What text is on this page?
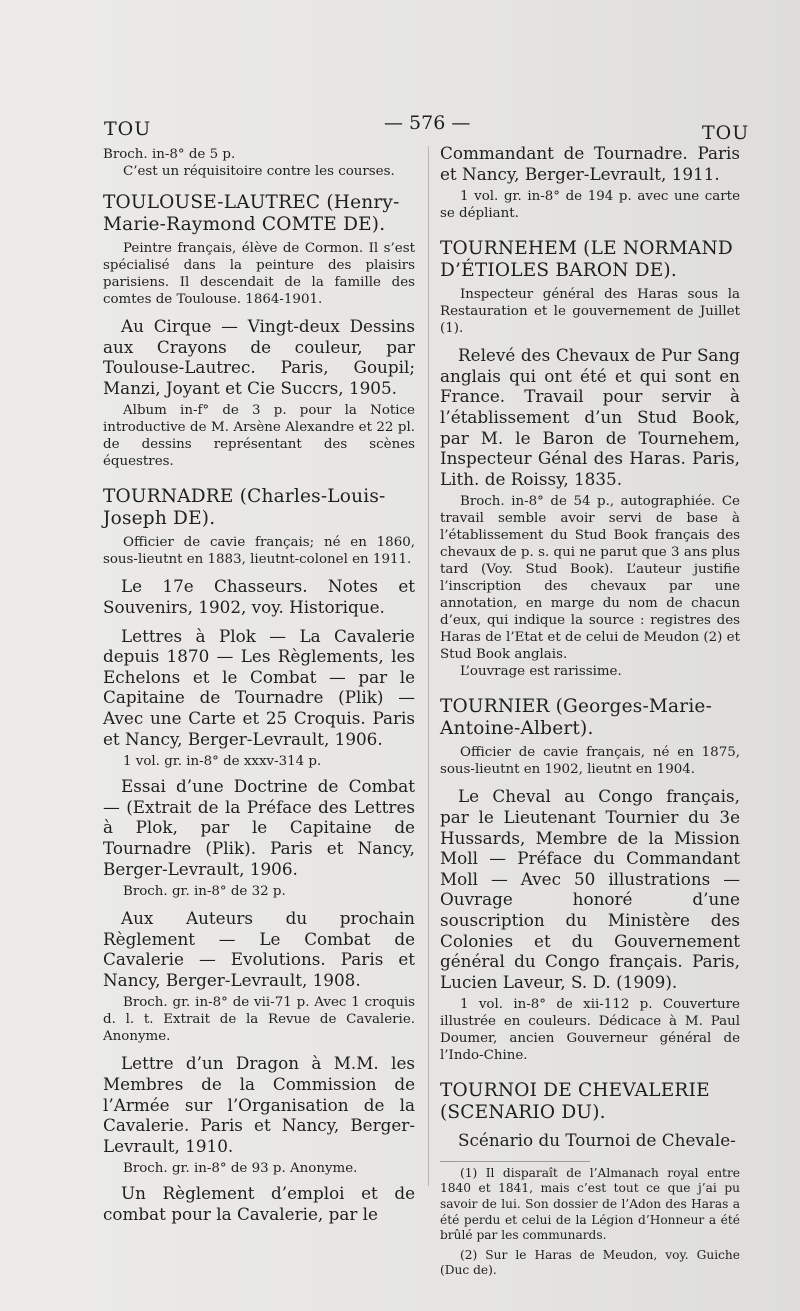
TOU	— 576 —	TOU

Broch. in-8° de 5 p.

C’est un réquisitoire contre les courses.

TOULOUSE-LAUTREC (Henry-Marie-Raymond COMTE DE).

Peintre français, élève de Cormon. Il s’est spécialisé dans la peinture des plaisirs parisiens. Il descendait de la famille des comtes de Toulouse. 1864-1901.

Au Cirque — Vingt-deux Dessins aux Crayons de couleur, par Toulouse-Lautrec. Paris, Goupil; Manzi, Joyant et Cie Succrs, 1905.

Album in-f° de 3 p. pour la Notice introductive de M. Arsène Alexandre et 22 pl. de dessins représentant des scènes équestres.

TOURNADRE (Charles-Louis-Joseph DE).

Officier de cavie français; né en 1860, sous-lieutnt en 1883, lieutnt-colonel en 1911.

Le 17e Chasseurs. Notes et Souvenirs, 1902, voy. Historique.

Lettres à Plok — La Cavalerie depuis 1870 — Les Règlements, les Echelons et le Combat — par le Capitaine de Tournadre (Plik) — Avec une Carte et 25 Croquis. Paris et Nancy, Berger-Levrault, 1906.

1 vol. gr. in-8° de xxxv-314 p.

Essai d’une Doctrine de Combat — (Extrait de la Préface des Lettres à Plok, par le Capitaine de Tournadre (Plik). Paris et Nancy, Berger-Levrault, 1906.

Broch. gr. in-8° de 32 p.

Aux Auteurs du prochain Règlement — Le Combat de Cavalerie — Evolutions. Paris et Nancy, Berger-Levrault, 1908.

Broch. gr. in-8° de vii-71 p. Avec 1 croquis d. l. t. Extrait de la Revue de Cavalerie. Anonyme.

Lettre d’un Dragon à M.M. les Membres de la Commission de l’Armée sur l’Organisation de la Cavalerie. Paris et Nancy, Berger-Levrault, 1910.

Broch. gr. in-8° de 93 p. Anonyme.

Un Règlement d’emploi et de combat pour la Cavalerie, par le

Commandant de Tournadre. Paris et Nancy, Berger-Levrault, 1911.

1 vol. gr. in-8° de 194 p. avec une carte se dépliant.

TOURNEHEM (LE NORMAND D’ÉTIOLES BARON DE).

Inspecteur général des Haras sous la Restauration et le gouvernement de Juillet (1).

Relevé des Chevaux de Pur Sang anglais qui ont été et qui sont en France. Travail pour servir à l’établissement d’un Stud Book, par M. le Baron de Tournehem, Inspecteur Génal des Haras. Paris, Lith. de Roissy, 1835.

Broch. in-8° de 54 p., autographiée. Ce travail semble avoir servi de base à l’établissement du Stud Book français des chevaux de p. s. qui ne parut que 3 ans plus tard (Voy. Stud Book). L’auteur justifie l’inscription des chevaux par une annotation, en marge du nom de chacun d’eux, qui indique la source : registres des Haras de l’Etat et de celui de Meudon (2) et Stud Book anglais.

L’ouvrage est rarissime.

TOURNIER (Georges-Marie-Antoine-Albert).

Officier de cavie français, né en 1875, sous-lieutnt en 1902, lieutnt en 1904.

Le Cheval au Congo français, par le Lieutenant Tournier du 3e Hussards, Membre de la Mission Moll — Préface du Commandant Moll — Avec 50 illustrations — Ouvrage honoré d’une souscription du Ministère des Colonies et du Gouvernement général du Congo français. Paris, Lucien Laveur, S. D. (1909).

1 vol. in-8° de xii-112 p. Couverture illustrée en couleurs. Dédicace à M. Paul Doumer, ancien Gouverneur général de l’Indo-Chine.

TOURNOI DE CHEVALERIE (SCENARIO DU).

Scénario du Tournoi de Chevale-

(1) Il disparaît de l’Almanach royal entre 1840 et 1841, mais c’est tout ce que j’ai pu savoir de lui. Son dossier de l’Adon des Haras a été perdu et celui de la Légion d’Honneur a été brûlé par les communards.

(2) Sur le Haras de Meudon, voy. Guiche (Duc de).
